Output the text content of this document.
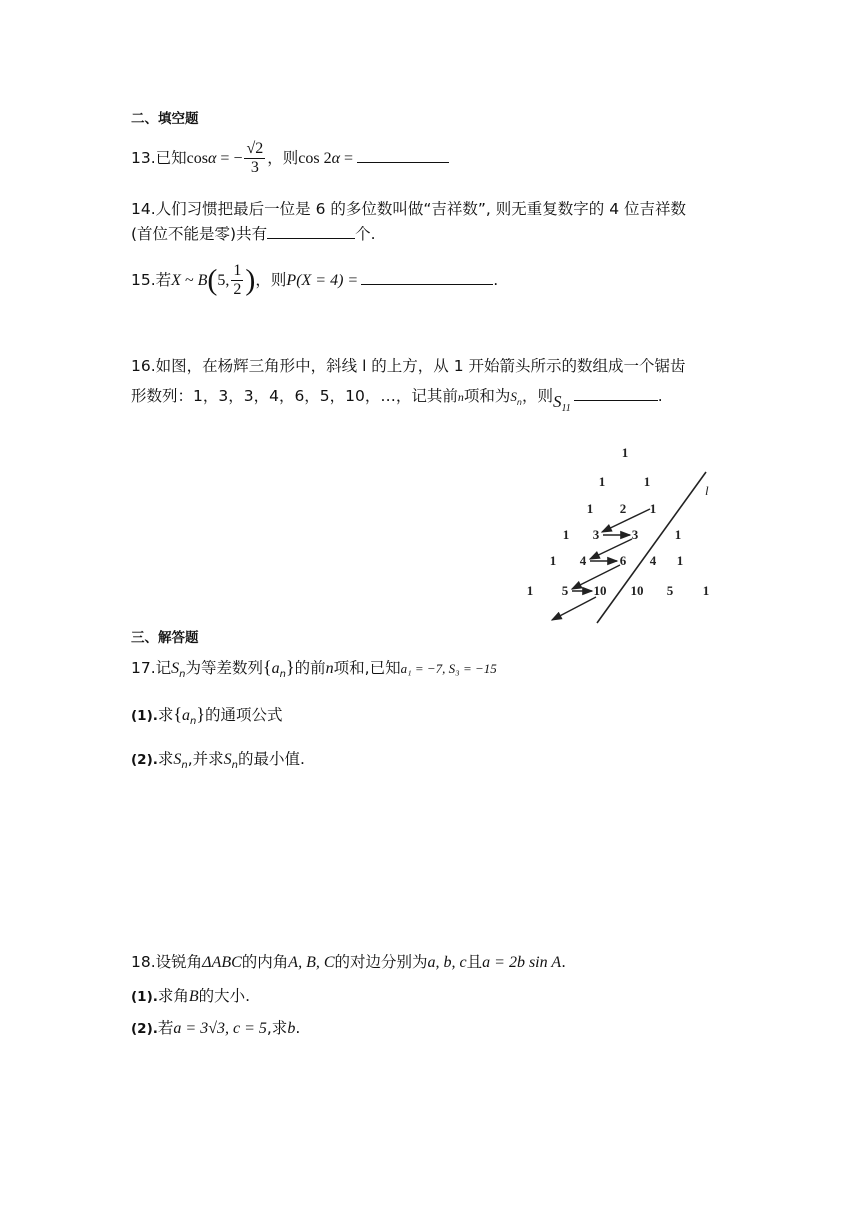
二、填空题
13.已知cosα = − $\frac{√2}{3}$ ，则cos 2α =
14.人们习惯把最后一位是 6 的多位数叫做“吉祥数”, 则无重复数字的 4 位吉祥数
(首位不能是零)共有	个.
15.若X ~ B(5, $\frac{1}{2}$ )，则P(X = 4) =	.
16.如图，在杨辉三角形中，斜线 l 的上方，从 1 开始箭头所示的数组成一个锯齿
形数列：1，3，3，4，6，5，10，…，记其前n项和为$S_n$，则$S_{11}$.
1
1	1
1 2 1
1 3	3	1
1 4	6 4 1
1 5 10 10 5 1
l
三、解答题
17.记$S_n$为等差数列$\{a_n\}$的前n项和,已知a₁ = −7, S₃ = −15
(1).求$\{a_n\}$的通项公式
(2).求$S_n$,并求$S_n$的最小值.
18.设锐角ΔABC的内角A, B, C的对边分别为a, b, c且a = 2b sin A.
(1).求角B的大小.
(2).若a = 3√3, c = 5,求b.
